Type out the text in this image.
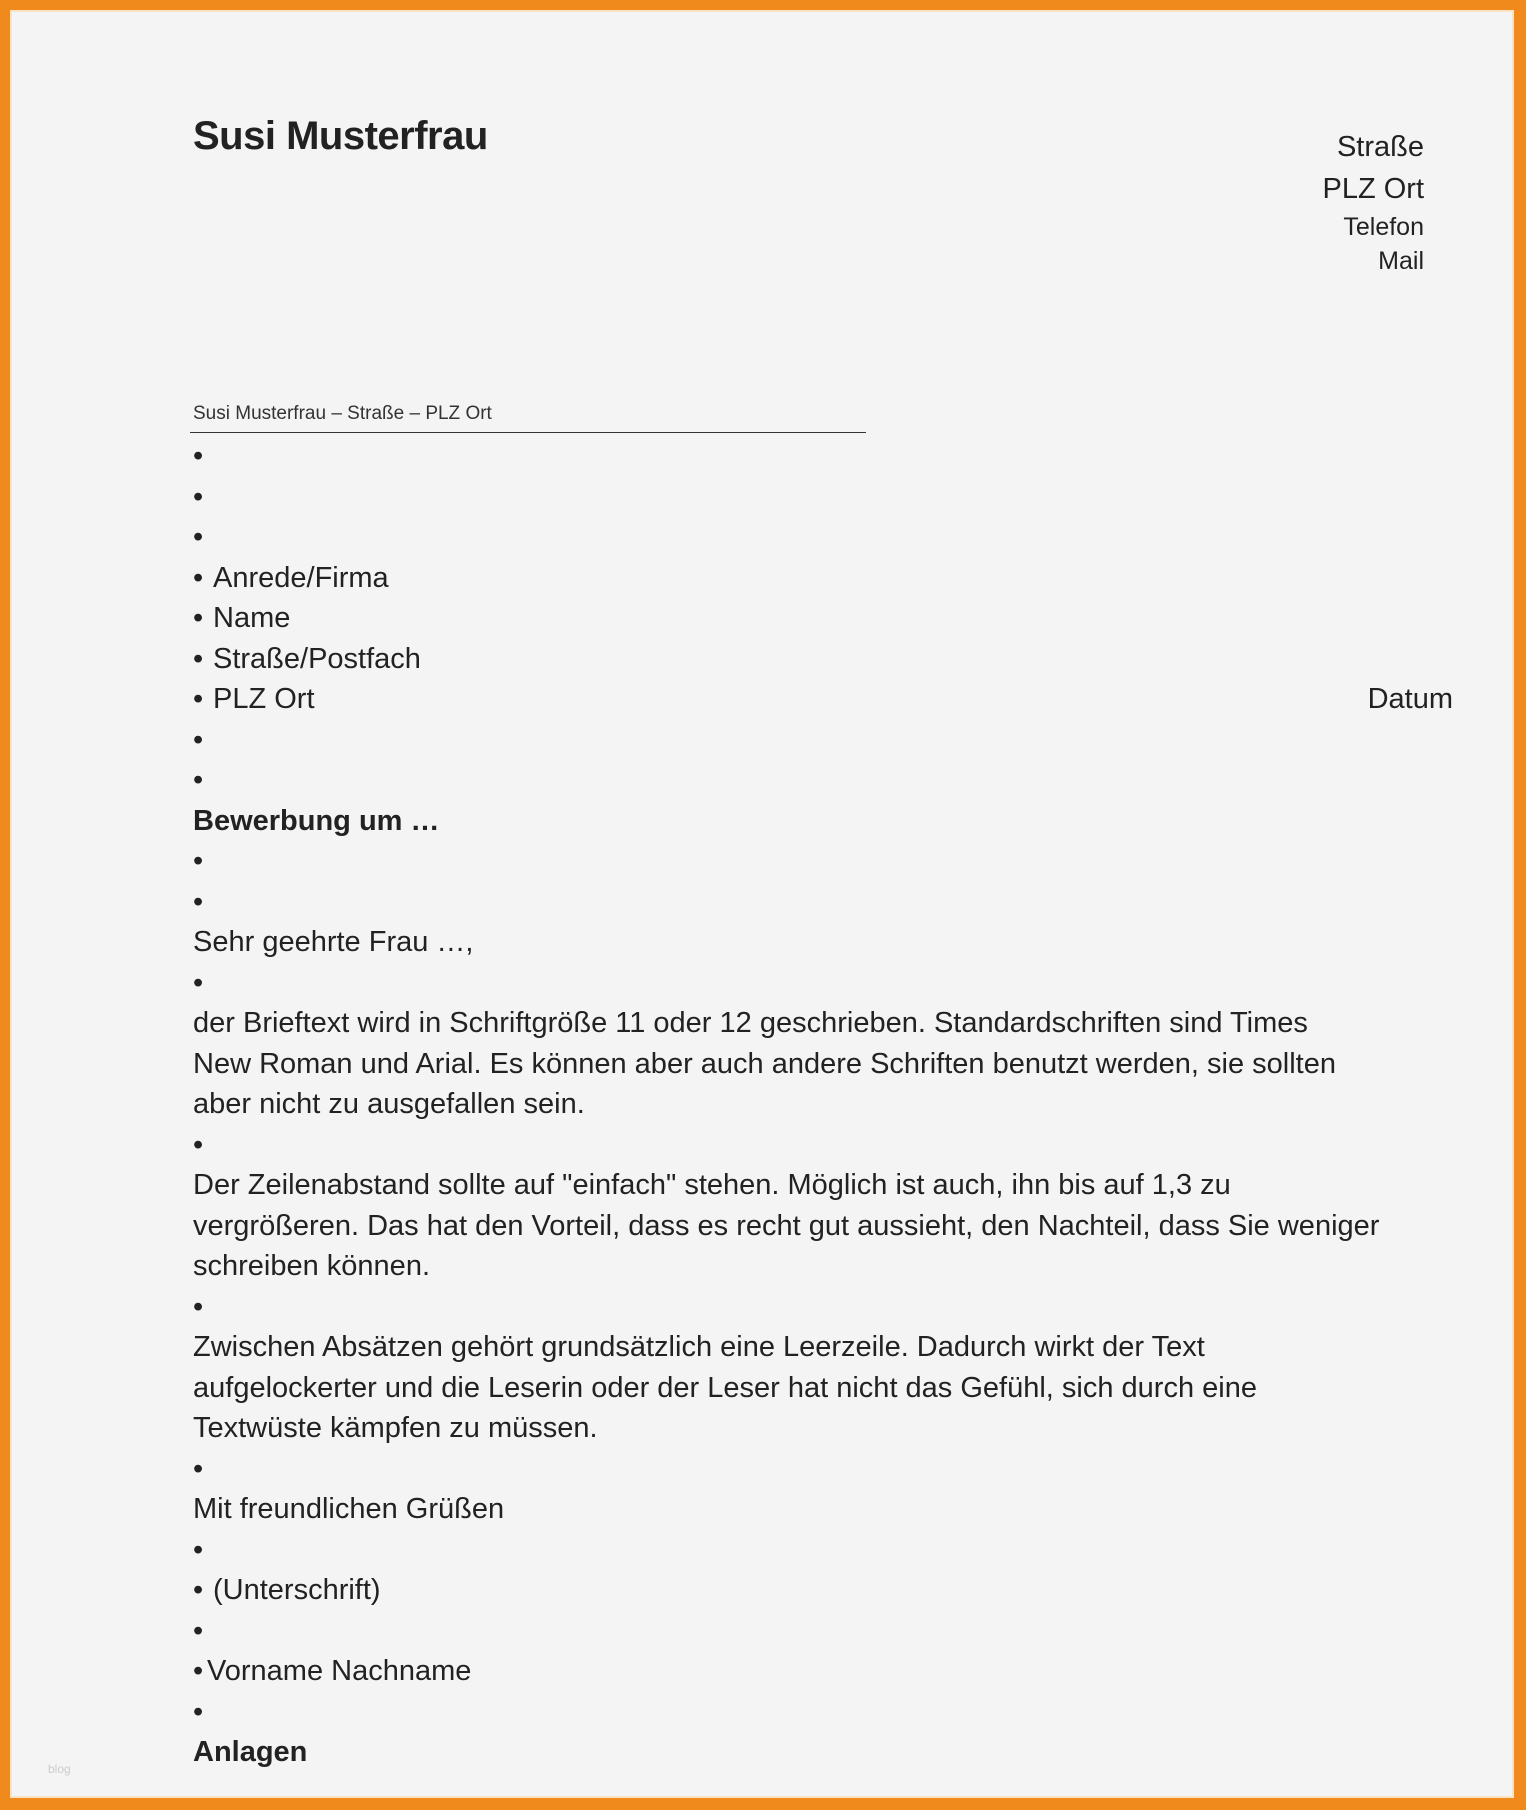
Susi Musterfrau	Straße
PLZ Ort
Telefon
Mail
Susi Musterfrau – Straße – PLZ Ort
•
•
•
• Anrede/Firma
• Name
• Straße/Postfach
• PLZ Ort	Datum
•
•
Bewerbung um …
•
•
Sehr geehrte Frau …,
•
der Brieftext wird in Schriftgröße 11 oder 12 geschrieben. Standardschriften sind Times
New Roman und Arial. Es können aber auch andere Schriften benutzt werden, sie sollten
aber nicht zu ausgefallen sein.
•
Der Zeilenabstand sollte auf "einfach" stehen. Möglich ist auch, ihn bis auf 1,3 zu
vergrößeren. Das hat den Vorteil, dass es recht gut aussieht, den Nachteil, dass Sie weniger
schreiben können.
•
Zwischen Absätzen gehört grundsätzlich eine Leerzeile. Dadurch wirkt der Text
aufgelockerter und die Leserin oder der Leser hat nicht das Gefühl, sich durch eine
Textwüste kämpfen zu müssen.
•
Mit freundlichen Grüßen
•
• (Unterschrift)
•
• Vorname Nachname
•
Anlagen
blog
